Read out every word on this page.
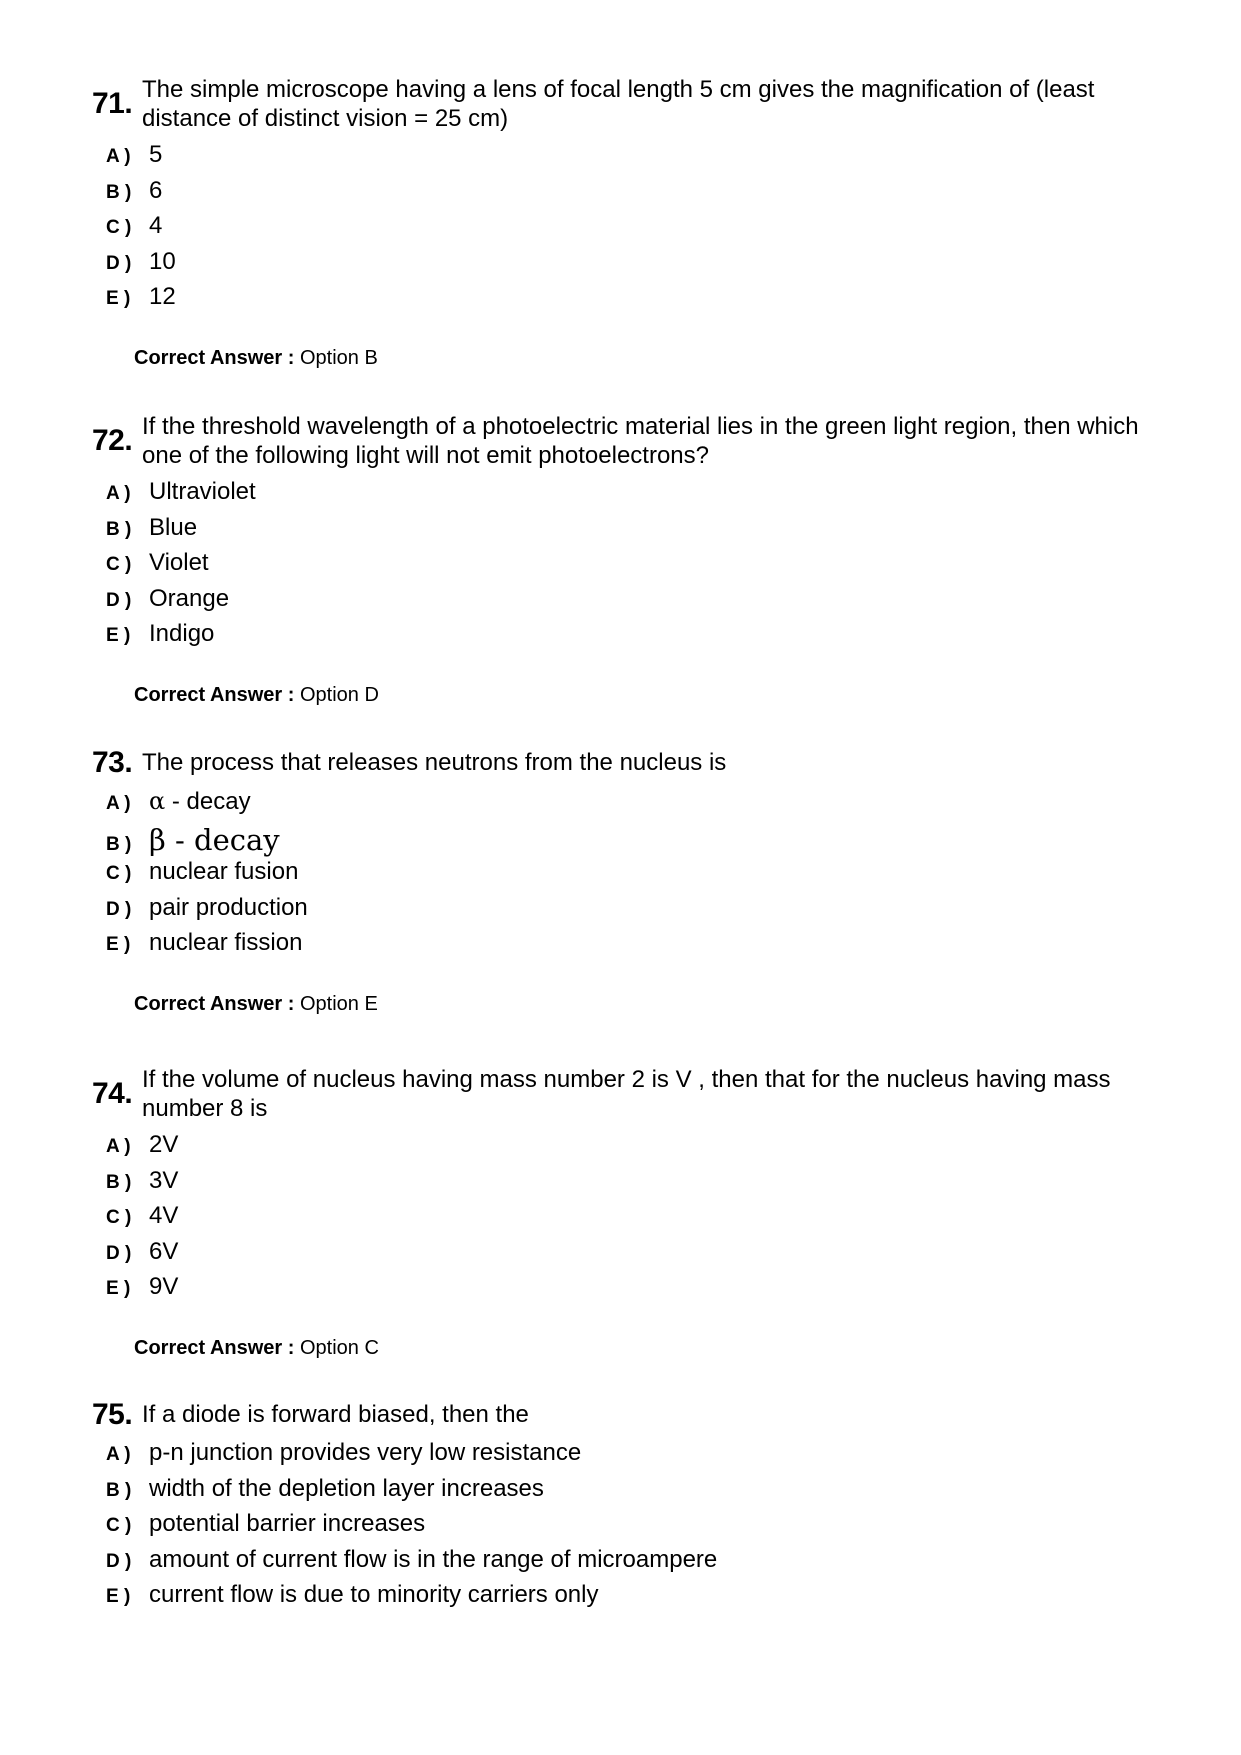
71. The simple microscope having a lens of focal length 5 cm gives the magnification of (least distance of distinct vision = 25 cm)
A ) 5
B ) 6
C ) 4
D ) 10
E ) 12
Correct Answer : Option B
72. If the threshold wavelength of a photoelectric material lies in the green light region, then which one of the following light will not emit photoelectrons?
A ) Ultraviolet
B ) Blue
C ) Violet
D ) Orange
E ) Indigo
Correct Answer : Option D
73. The process that releases neutrons from the nucleus is
A ) α - decay
B ) β - decay
C ) nuclear fusion
D ) pair production
E ) nuclear fission
Correct Answer : Option E
74. If the volume of nucleus having mass number 2 is V , then that for the nucleus having mass number 8 is
A ) 2V
B ) 3V
C ) 4V
D ) 6V
E ) 9V
Correct Answer : Option C
75. If a diode is forward biased, then the
A ) p-n junction provides very low resistance
B ) width of the depletion layer increases
C ) potential barrier increases
D ) amount of current flow is in the range of microampere
E ) current flow is due to minority carriers only
